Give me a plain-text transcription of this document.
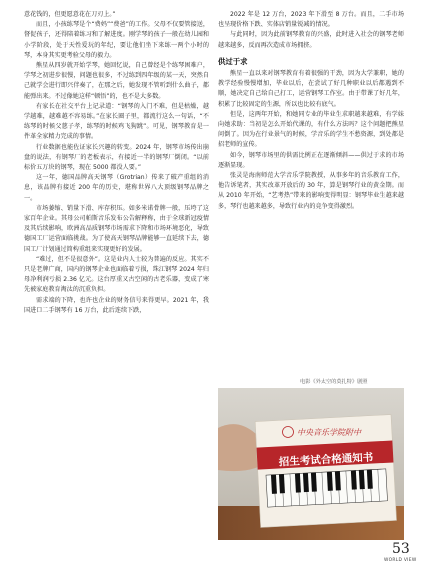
意花钱的，但更愿意花在刀刃上。”

而且，小孩练琴是个“费妈”“费爸”的工作。父母不仅要管接送，督促孩子，还得陪着练习和了解进度。刚学琴的孩子一般在幼儿园和小学阶段，处于天性爱玩的年纪，要让他们坐下来练一两个小时的琴，本身其实更考验父母的毅力。

熊星从四岁就开始学琴，她回忆说，自己曾经是个练琴困难户，学琴之初进步很慢，问题也很多，不过练到四年级的某一天，突然自己就学会进行即兴伴奏了，在那之后，她发现不管听到什么曲子，都能弹出来。不过像她这样“顿悟”的，也不是大多数。

有家长在社交平台上记录道：“钢琴的入门不难，但是枯燥，越学越难，越难越不容易练。”在家长圈子里，都流行这么一句话，“不练琴的时候父慈子孝，练琴的时候鸡飞狗跳”。可见，钢琴教育是一件革全家精力完成的事情。

行业数据也能佐证家长兴趣的转变。2024 年，钢琴市场传出崩盘的说法，有钢琴厂的老板表示，有接近一半的钢琴厂倒闭。“以前标价五万块的钢琴，现在 5000 都没人要。”

这一年，德国品牌高天钢琴（Grotrian）传来了破产重组的消息，该品牌有接近 200 年的历史，堪称世界八大顶级钢琴品牌之一。

市场萎缩、销量下滑、库存积压。如多米诺骨牌一般，压垮了这家百年企业。其母公司帕斯音乐发布公告解释称，由于全球新冠疫情及其后续影响，欧洲高品质钢琴市场需求下降和市场环境恶化，导致德国工厂运营面临挑战。为了使高天钢琴品牌能够一直延续下去，德国工厂计划通过简构重组来实现更好的发展。

“难过，但不是很意外”。这是业内人士较为普遍的反应。其实不只是老牌广商，国内的钢琴企业也面临着亏损，珠江钢琴 2024 年归母净利润亏损 2.36 亿元。这台厚重又古空闲的古老乐器，变成了寒先被家庭教育淘汰的沉重负担。

需求端的下降，也许也企业的财务信号来得更早。2021 年，我国进口二手钢琴有 16 万台，此后连续下跌，

2022 年是 12 万台，2023 年下滑至 8 万台。而且，二手市场也呈现价格下跌、实体店销量锐减的情况。

与此同时，因为此前钢琴教育的兴盛，此时进入社会的钢琴老师越来越多，反而再次造成市场拥挤。

供过于求

熊星一直以来对钢琴教育有着很强的干劲，因为大学兼职，她的教学经验慢慢增加，毕业以后，在尝试了好几种职业以后都遇到不顺，她决定自己给自己打工，运营钢琴工作室。由于带课了好几年，积累了比较固定的生源，所以也比较有底气。

但是，这两年开始，和她同专业的毕业生求职越来越难，有学妹向她求助：当初是怎么开始代课的，有什么方法吗？这个问题把熊星问倒了。因为在行业景气的时候，学音乐的学生不愁资源，到处都是招老师的宣传。

如今，钢琴市场里的供需比例正在逐渐倾斜——供过于求的市场逐渐显现。

张灵是海南师范大学音乐学院教授，从事多年的音乐教育工作，他告诉笔者，其实改革开放后的 30 年，算是钢琴行业的黄金期。而从 2010 年开始，“艺考热”带来的影响变得明显：钢琴毕业生越来越多，琴行也越来越多，导致行业内的竞争变得激烈。

电影《外太空的莫扎特》剧照
中央音乐学院附中
招生考试合格通知书
53
WORLD VIEW
